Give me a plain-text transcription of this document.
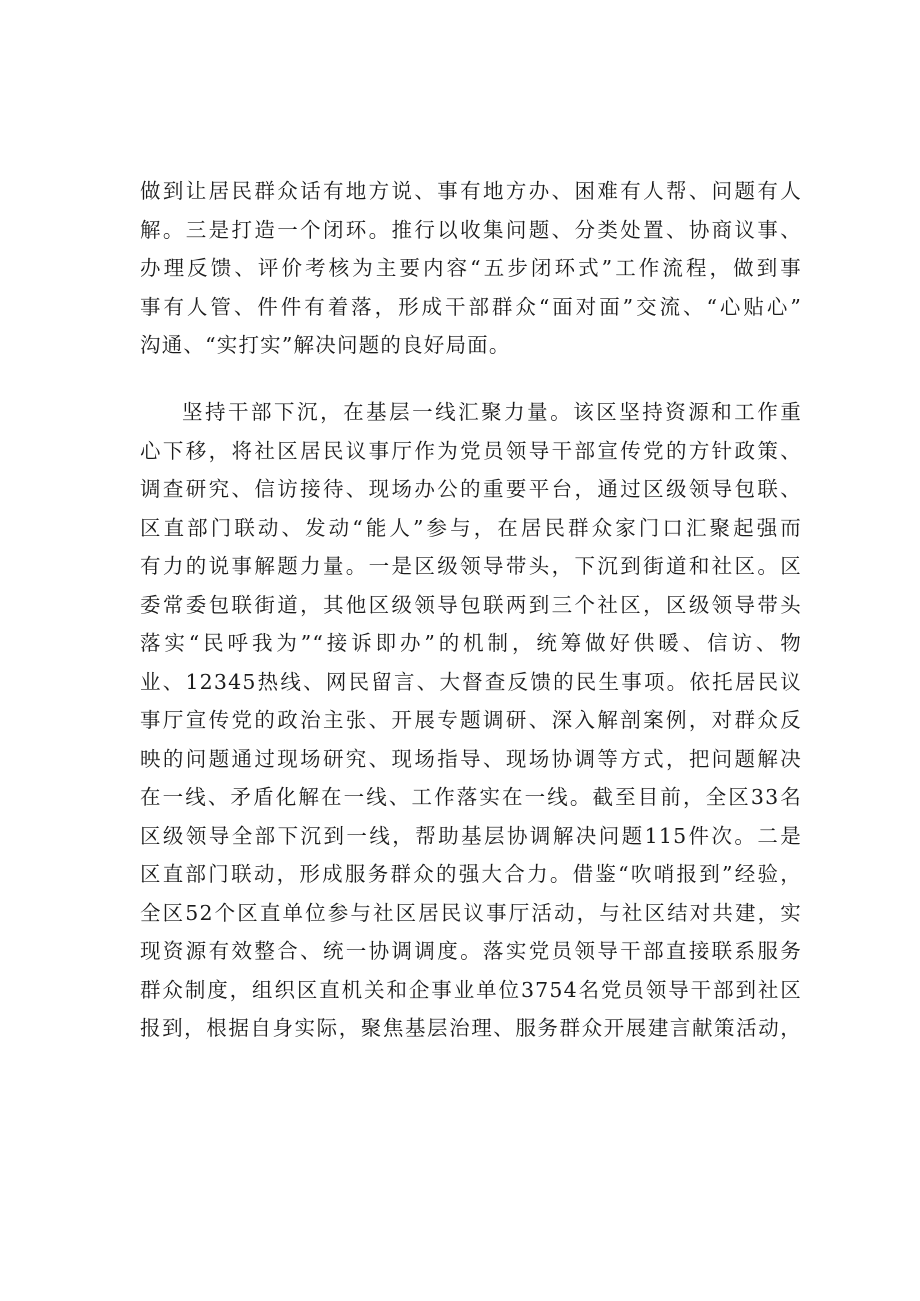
做到让居民群众话有地方说、事有地方办、困难有人帮、问题有人
解。三是打造一个闭环。推行以收集问题、分类处置、协商议事、
办理反馈、评价考核为主要内容“五步闭环式”工作流程，做到事
事有人管、件件有着落，形成干部群众“面对面”交流、“心贴心”
沟通、“实打实”解决问题的良好局面。
坚持干部下沉，在基层一线汇聚力量。该区坚持资源和工作重
心下移，将社区居民议事厅作为党员领导干部宣传党的方针政策、
调查研究、信访接待、现场办公的重要平台，通过区级领导包联、
区直部门联动、发动“能人”参与，在居民群众家门口汇聚起强而
有力的说事解题力量。一是区级领导带头，下沉到街道和社区。区
委常委包联街道，其他区级领导包联两到三个社区，区级领导带头
落实“民呼我为”“接诉即办”的机制，统筹做好供暖、信访、物
业、12345热线、网民留言、大督查反馈的民生事项。依托居民议
事厅宣传党的政治主张、开展专题调研、深入解剖案例，对群众反
映的问题通过现场研究、现场指导、现场协调等方式，把问题解决
在一线、矛盾化解在一线、工作落实在一线。截至目前，全区33名
区级领导全部下沉到一线，帮助基层协调解决问题115件次。二是
区直部门联动，形成服务群众的强大合力。借鉴“吹哨报到”经验，
全区52个区直单位参与社区居民议事厅活动，与社区结对共建，实
现资源有效整合、统一协调调度。落实党员领导干部直接联系服务
群众制度，组织区直机关和企事业单位3754名党员领导干部到社区
报到，根据自身实际，聚焦基层治理、服务群众开展建言献策活动，
